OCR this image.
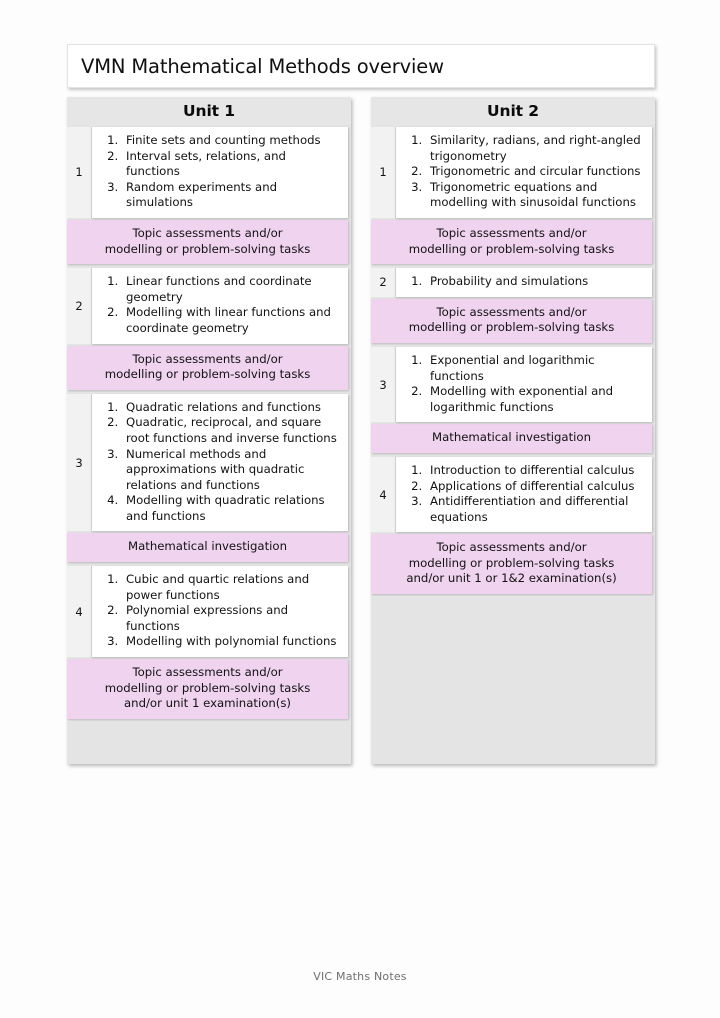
VMN Mathematical Methods overview
Unit 1
1
1. Finite sets and counting methods
2. Interval sets, relations, and functions
3. Random experiments and simulations
Topic assessments and/or
modelling or problem-solving tasks
2
1. Linear functions and coordinate geometry
2. Modelling with linear functions and coordinate geometry
Topic assessments and/or
modelling or problem-solving tasks
3
1. Quadratic relations and functions
2. Quadratic, reciprocal, and square root functions and inverse functions
3. Numerical methods and approximations with quadratic relations and functions
4. Modelling with quadratic relations and functions
Mathematical investigation
4
1. Cubic and quartic relations and power functions
2. Polynomial expressions and functions
3. Modelling with polynomial functions
Topic assessments and/or
modelling or problem-solving tasks
and/or unit 1 examination(s)
Unit 2
1
1. Similarity, radians, and right-angled trigonometry
2. Trigonometric and circular functions
3. Trigonometric equations and modelling with sinusoidal functions
Topic assessments and/or
modelling or problem-solving tasks
2	1. Probability and simulations
Topic assessments and/or
modelling or problem-solving tasks
3
1. Exponential and logarithmic functions
2. Modelling with exponential and logarithmic functions
Mathematical investigation
4
1. Introduction to differential calculus
2. Applications of differential calculus
3. Antidifferentiation and differential equations
Topic assessments and/or
modelling or problem-solving tasks
and/or unit 1 or 1&2 examination(s)
VIC Maths Notes
